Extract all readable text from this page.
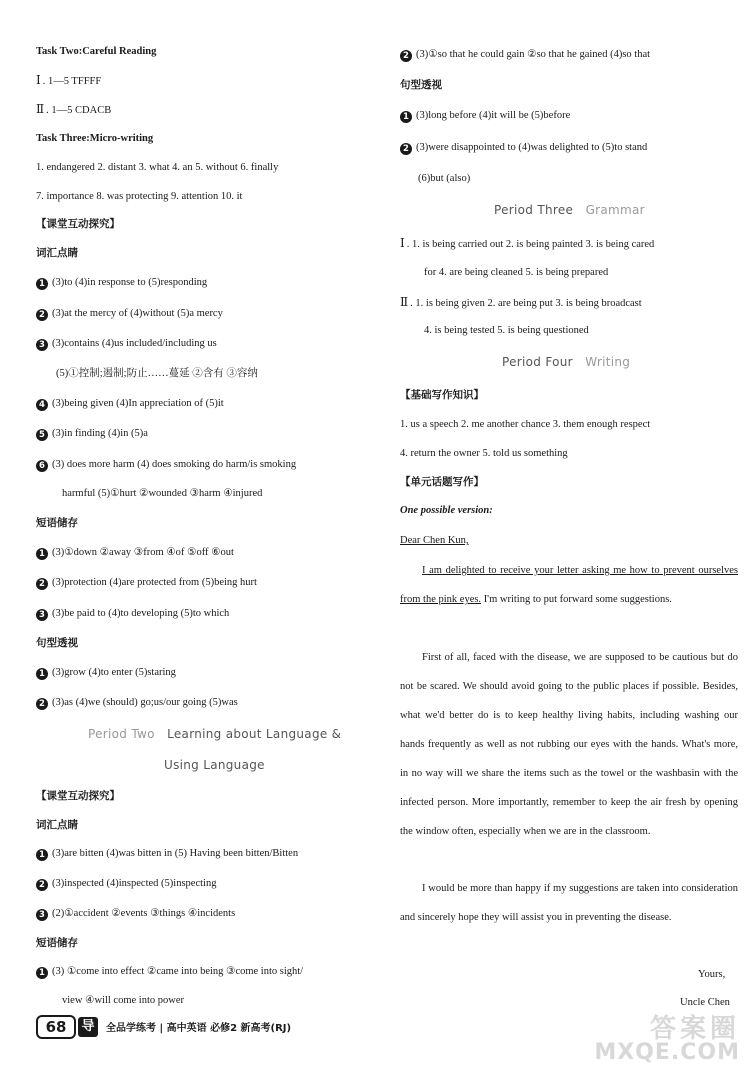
Task Two:Careful Reading
Ⅰ . 1—5 TFFFF
Ⅱ . 1—5 CDACB
Task Three:Micro-writing
1. endangered 2. distant 3. what 4. an 5. without 6. finally
7. importance 8. was protecting 9. attention 10. it
【课堂互动探究】
词汇点睛
1 (3)to (4)in response to (5)responding
2 (3)at the mercy of (4)without (5)a mercy
3 (3)contains (4)us included/including us
(5)①控制;遏制;防止……蔓延 ②含有 ③容纳
4 (3)being given (4)In appreciation of (5)it
5 (3)in finding (4)in (5)a
6 (3) does more harm (4) does smoking do harm/is smoking
harmful (5)①hurt ②wounded ③harm ④injured
短语储存
1 (3)①down ②away ③from ④of ⑤off ⑥out
2 (3)protection (4)are protected from (5)being hurt
3 (3)be paid to (4)to developing (5)to which
句型透视
1 (3)grow (4)to enter (5)staring
2 (3)as (4)we (should) go;us/our going (5)was
Period Two Learning about Language &
Using Language
【课堂互动探究】
词汇点睛
1 (3)are bitten (4)was bitten in (5) Having been bitten/Bitten
2 (3)inspected (4)inspected (5)inspecting
3 (2)①accident ②events ③things ④incidents
短语储存
1 (3) ①come into effect ②came into being ③come into sight/
view ④will come into power
2 (3)①so that he could gain ②so that he gained (4)so that
句型透视
1 (3)long before (4)it will be (5)before
2 (3)were disappointed to (4)was delighted to (5)to stand
(6)but (also)
Period Three Grammar
Ⅰ . 1. is being carried out 2. is being painted 3. is being cared
for 4. are being cleaned 5. is being prepared
Ⅱ . 1. is being given 2. are being put 3. is being broadcast
4. is being tested 5. is being questioned
Period Four Writing
【基础写作知识】
1. us a speech 2. me another chance 3. them enough respect
4. return the owner 5. told us something
【单元话题写作】
One possible version:
Dear Chen Kun,
I am delighted to receive your letter asking me how to prevent ourselves from the pink eyes. I'm writing to put forward some suggestions.
First of all, faced with the disease, we are supposed to be cautious but do not be scared. We should avoid going to the public places if possible. Besides, what we'd better do is to keep healthy living habits, including washing our hands frequently as well as not rubbing our eyes with the hands. What's more, in no way will we share the items such as the towel or the washbasin with the infected person. More importantly, remember to keep the air fresh by opening the window often, especially when we are in the classroom.
I would be more than happy if my suggestions are taken into consideration and sincerely hope they will assist you in preventing the disease.
Yours,
Uncle Chen
68	导	全品学练考 | 高中英语 必修2 新高考(RJ)	答案圈
MXQE.COM
